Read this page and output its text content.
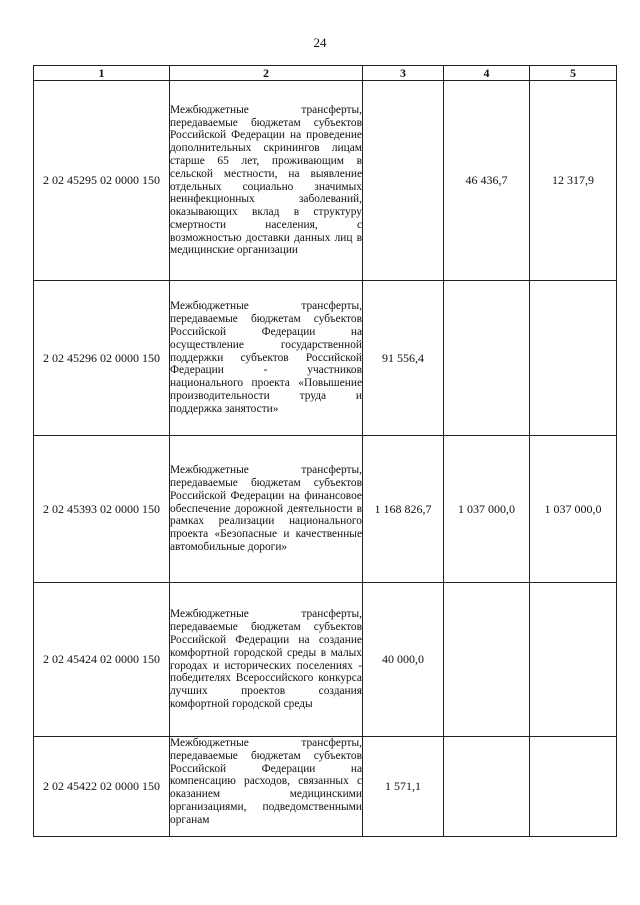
24
1	2	3	4	5
2 02 45295 02 0000 150	Межбюджетные трансферты, передаваемые бюджетам субъектов Российской Федерации на проведение дополнительных скринингов лицам старше 65 лет, проживающим в сельской местности, на выявление отдельных социально значимых неинфекционных заболеваний, оказывающих вклад в структуру смертности населения, с возможностью доставки данных лиц в медицинские организации		46 436,7	12 317,9
2 02 45296 02 0000 150	Межбюджетные трансферты, передаваемые бюджетам субъектов Российской Федерации на осуществление государственной поддержки субъектов Российской Федерации - участников национального проекта «Повышение производительности труда и поддержка занятости»	91 556,4		
2 02 45393 02 0000 150	Межбюджетные трансферты, передаваемые бюджетам субъектов Российской Федерации на финансовое обеспечение дорожной деятельности в рамках реализации национального проекта «Безопасные и качественные автомобильные дороги»	1 168 826,7	1 037 000,0	1 037 000,0
2 02 45424 02 0000 150	Межбюджетные трансферты, передаваемые бюджетам субъектов Российской Федерации на создание комфортной городской среды в малых городах и исторических поселениях - победителях Всероссийского конкурса лучших проектов создания комфортной городской среды	40 000,0		
2 02 45422 02 0000 150	Межбюджетные трансферты, передаваемые бюджетам субъектов Российской Федерации на компенсацию расходов, связанных с оказанием медицинскими организациями, подведомственными органам	1 571,1		
